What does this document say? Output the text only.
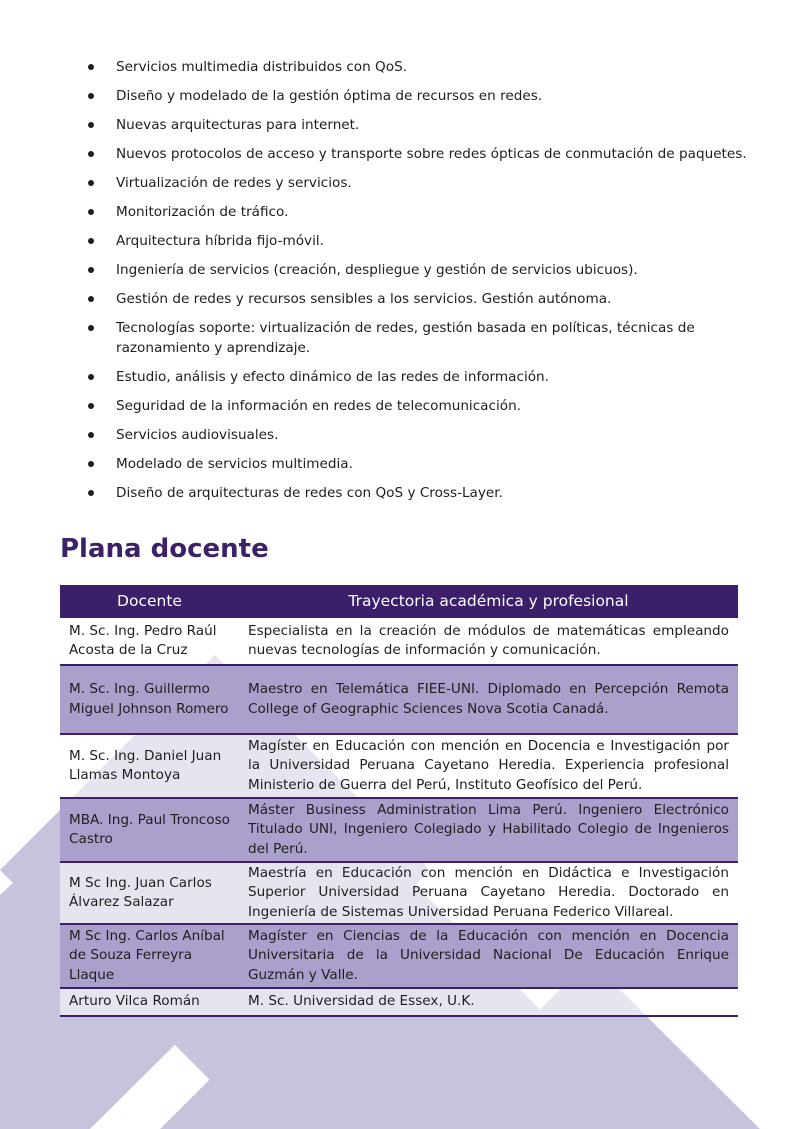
Servicios multimedia distribuidos con QoS.
Diseño y modelado de la gestión óptima de recursos en redes.
Nuevas arquitecturas para internet.
Nuevos protocolos de acceso y transporte sobre redes ópticas de conmutación de paquetes.
Virtualización de redes y servicios.
Monitorización de tráfico.
Arquitectura híbrida fijo-móvil.
Ingeniería de servicios (creación, despliegue y gestión de servicios ubicuos).
Gestión de redes y recursos sensibles a los servicios. Gestión autónoma.
Tecnologías soporte: virtualización de redes, gestión basada en políticas, técnicas de razonamiento y aprendizaje.
Estudio, análisis y efecto dinámico de las redes de información.
Seguridad de la información en redes de telecomunicación.
Servicios audiovisuales.
Modelado de servicios multimedia.
Diseño de arquitecturas de redes con QoS y Cross-Layer.
Plana docente
Docente	Trayectoria académica y profesional
M. Sc. Ing. Pedro Raúl Acosta de la Cruz	Especialista en la creación de módulos de matemáticas empleando nuevas tecnologías de información y comunicación.
M. Sc. Ing. Guillermo Miguel Johnson Romero	Maestro en Telemática FIEE-UNI. Diplomado en Percepción Remota College of Geographic Sciences Nova Scotia Canadá.
M. Sc. Ing. Daniel Juan Llamas Montoya	Magíster en Educación con mención en Docencia e Investigación por la Universidad Peruana Cayetano Heredia. Experiencia profesional Ministerio de Guerra del Perú, Instituto Geofísico del Perú.
MBA. Ing. Paul Troncoso Castro	Máster Business Administration Lima Perú. Ingeniero Electrónico Titulado UNI, Ingeniero Colegiado y Habilitado Colegio de Ingenieros del Perú.
M Sc Ing. Juan Carlos Álvarez Salazar	Maestría en Educación con mención en Didáctica e Investigación Superior Universidad Peruana Cayetano Heredia. Doctorado en Ingeniería de Sistemas Universidad Peruana Federico Villareal.
M Sc Ing. Carlos Aníbal de Souza Ferreyra Llaque	Magíster en Ciencias de la Educación con mención en Docencia Universitaria de la Universidad Nacional De Educación Enrique Guzmán y Valle.
Arturo Vilca Román	M. Sc. Universidad de Essex, U.K.
